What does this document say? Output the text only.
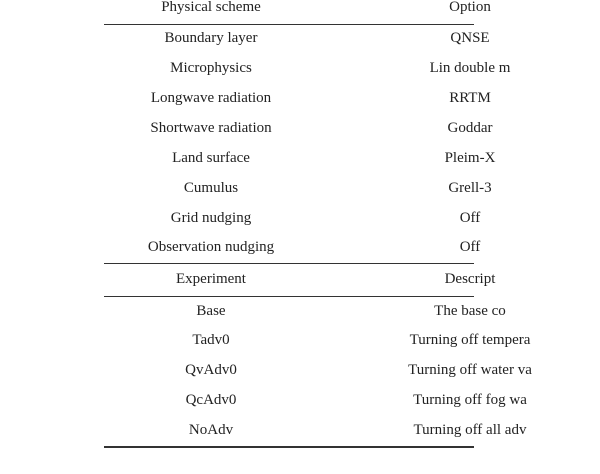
Physical scheme	Option
Boundary layer	QNSE
Microphysics	Lin double m
Longwave radiation	RRTM
Shortwave radiation	Goddar
Land surface	Pleim-X
Cumulus	Grell-3
Grid nudging	Off
Observation nudging	Off
Experiment	Descript
Base	The base co
Tadv0	Turning off tempera
QvAdv0	Turning off water va
QcAdv0	Turning off fog wa
NoAdv	Turning off all adv
